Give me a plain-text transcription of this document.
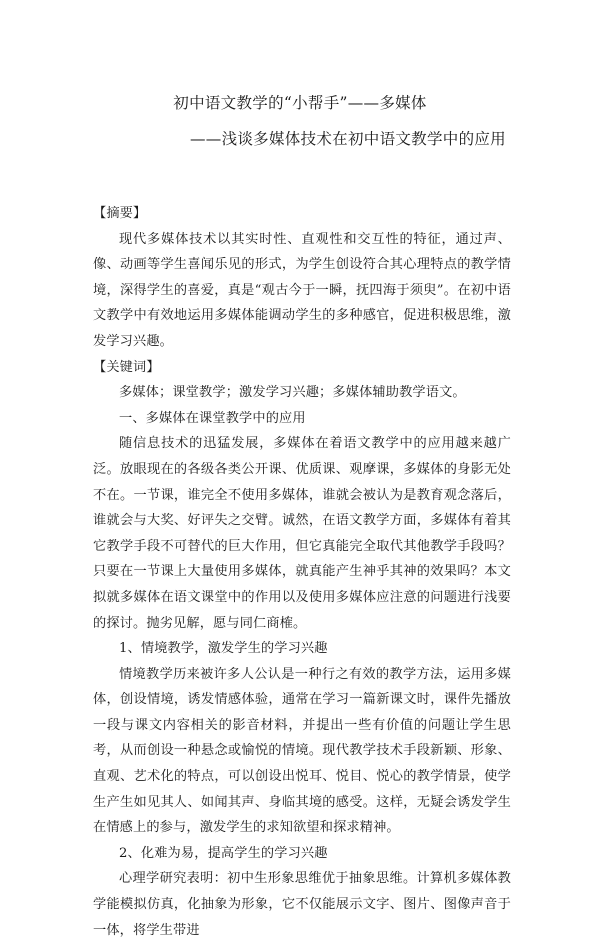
初中语文教学的“小帮手”——多媒体
——浅谈多媒体技术在初中语文教学中的应用

【摘要】

现代多媒体技术以其实时性、直观性和交互性的特征，通过声、像、动画等学生喜闻乐见的形式，为学生创设符合其心理特点的教学情境，深得学生的喜爱，真是“观古今于一瞬，抚四海于须臾”。在初中语文教学中有效地运用多媒体能调动学生的多种感官，促进积极思维，激发学习兴趣。

【关键词】

多媒体；课堂教学；激发学习兴趣；多媒体辅助教学语文。

一、多媒体在课堂教学中的应用

随信息技术的迅猛发展，多媒体在着语文教学中的应用越来越广泛。放眼现在的各级各类公开课、优质课、观摩课，多媒体的身影无处不在。一节课，谁完全不使用多媒体，谁就会被认为是教育观念落后，谁就会与大奖、好评失之交臂。诚然，在语文教学方面，多媒体有着其它教学手段不可替代的巨大作用，但它真能完全取代其他教学手段吗？只要在一节课上大量使用多媒体，就真能产生神乎其神的效果吗？本文拟就多媒体在语文课堂中的作用以及使用多媒体应注意的问题进行浅要的探讨。抛劣见解，愿与同仁商榷。

1、情境教学，激发学生的学习兴趣

情境教学历来被许多人公认是一种行之有效的教学方法，运用多媒体，创设情境，诱发情感体验，通常在学习一篇新课文时，课件先播放一段与课文内容相关的影音材料，并提出一些有价值的问题让学生思考，从而创设一种悬念或愉悦的情境。现代教学技术手段新颖、形象、直观、艺术化的特点，可以创设出悦耳、悦目、悦心的教学情景，使学生产生如见其人、如闻其声、身临其境的感受。这样，无疑会诱发学生在情感上的参与，激发学生的求知欲望和探求精神。

2、化难为易，提高学生的学习兴趣

心理学研究表明：初中生形象思维优于抽象思维。计算机多媒体教学能模拟仿真，化抽象为形象，它不仅能展示文字、图片、图像声音于一体，将学生带进
